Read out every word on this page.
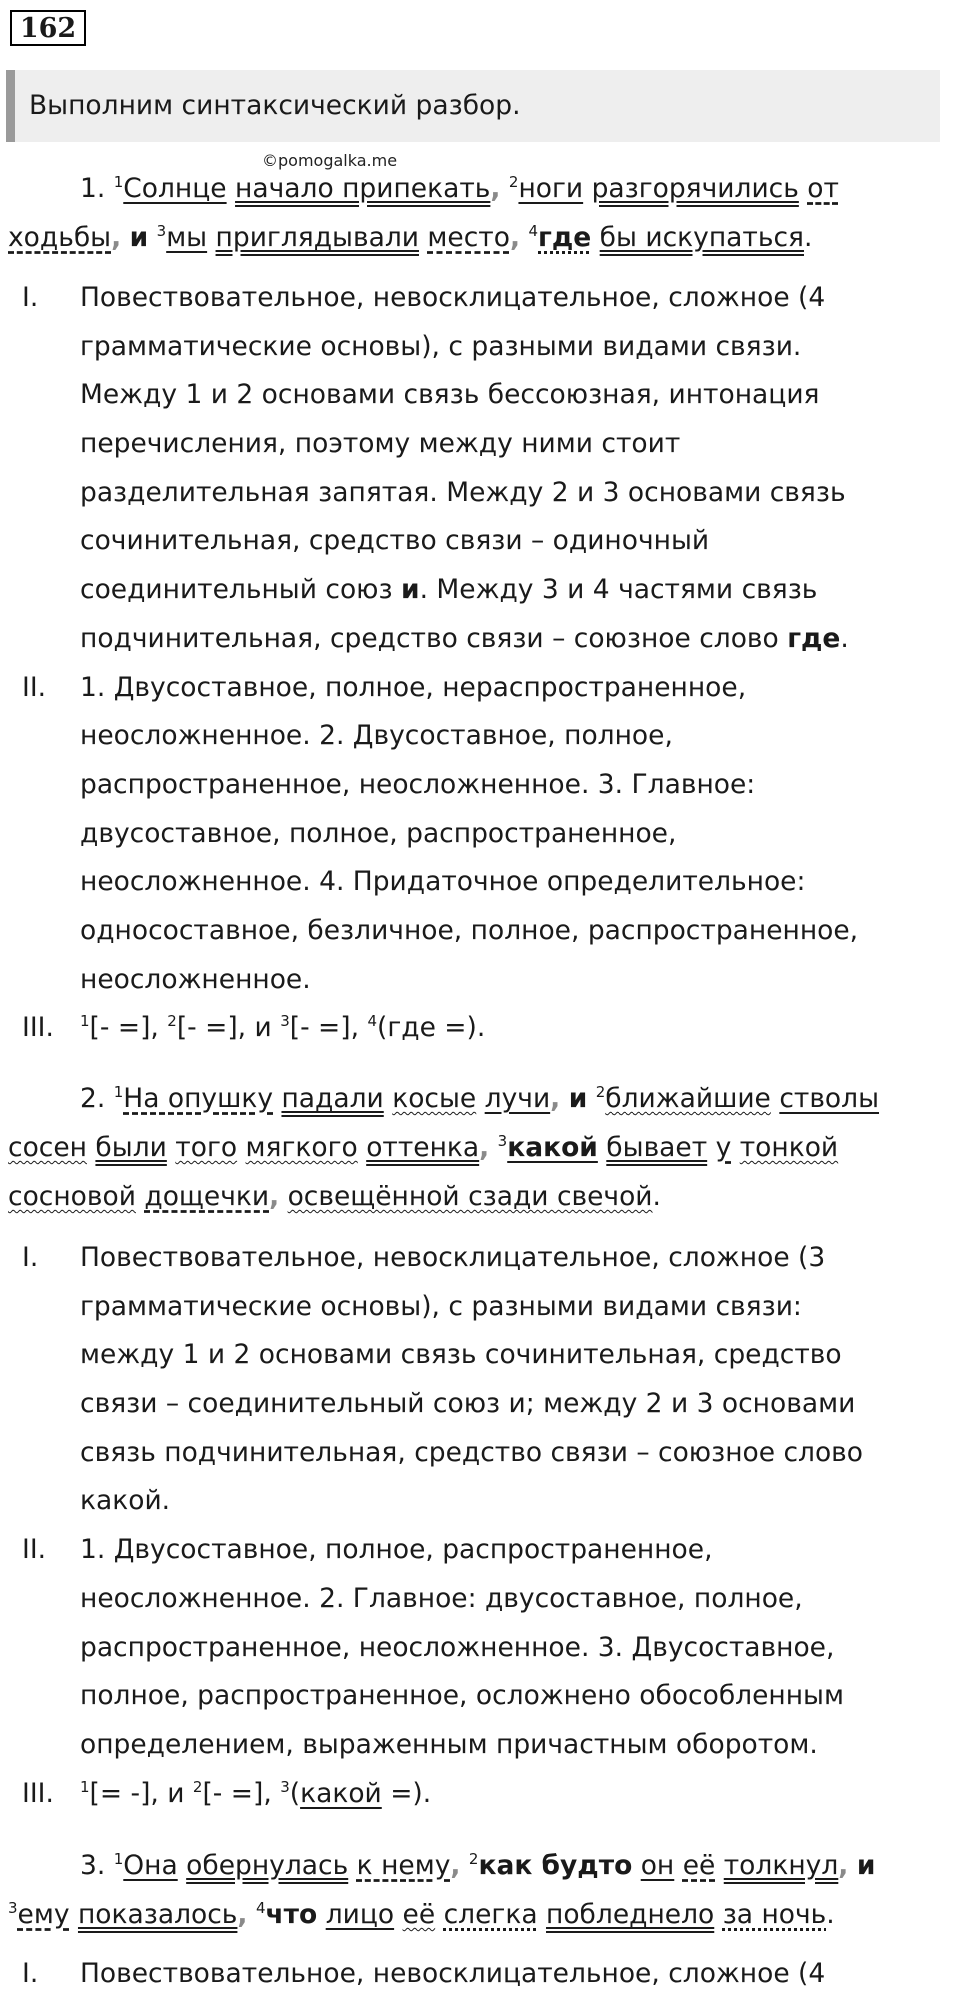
162
Выполним синтаксический разбор.
©pomogalka.me
1. $^1$Солнце начало припекать, $^2$ноги разгорячились от
ходьбы, и $^3$мы приглядывали место, $^4$где бы искупаться.
I.	Повествовательное, невосклицательное, сложное (4
грамматические основы), с разными видами связи.
Между 1 и 2 основами связь бессоюзная, интонация
перечисления, поэтому между ними стоит
разделительная запятая. Между 2 и 3 основами связь
сочинительная, средство связи – одиночный
соединительный союз и. Между 3 и 4 частями связь
подчинительная, средство связи – союзное слово где.
II.	1. Двусоставное, полное, нераспространенное,
неосложненное. 2. Двусоставное, полное,
распространенное, неосложненное. 3. Главное:
двусоставное, полное, распространенное,
неосложненное. 4. Придаточное определительное:
односоставное, безличное, полное, распространенное,
неосложненное.
III.	$^1$[- =], $^2$[- =], и $^3$[- =], $^4$(где =).
2. $^1$На опушку падали косые лучи, и $^2$ближайшие стволы
сосен были того мягкого оттенка, $^3$какой бывает у тонкой
сосновой дощечки, освещённой сзади свечой.
I.	Повествовательное, невосклицательное, сложное (3
грамматические основы), с разными видами связи:
между 1 и 2 основами связь сочинительная, средство
связи – соединительный союз и; между 2 и 3 основами
связь подчинительная, средство связи – союзное слово
какой.
II.	1. Двусоставное, полное, распространенное,
неосложненное. 2. Главное: двусоставное, полное,
распространенное, неосложненное. 3. Двусоставное,
полное, распространенное, осложнено обособленным
определением, выраженным причастным оборотом.
III.	$^1$[= -], и $^2$[- =], $^3$(какой =).
3. $^1$Она обернулась к нему, $^2$как будто он её толкнул, и
$^3$ему показалось, $^4$что лицо её слегка побледнело за ночь.
I.	Повествовательное, невосклицательное, сложное (4
